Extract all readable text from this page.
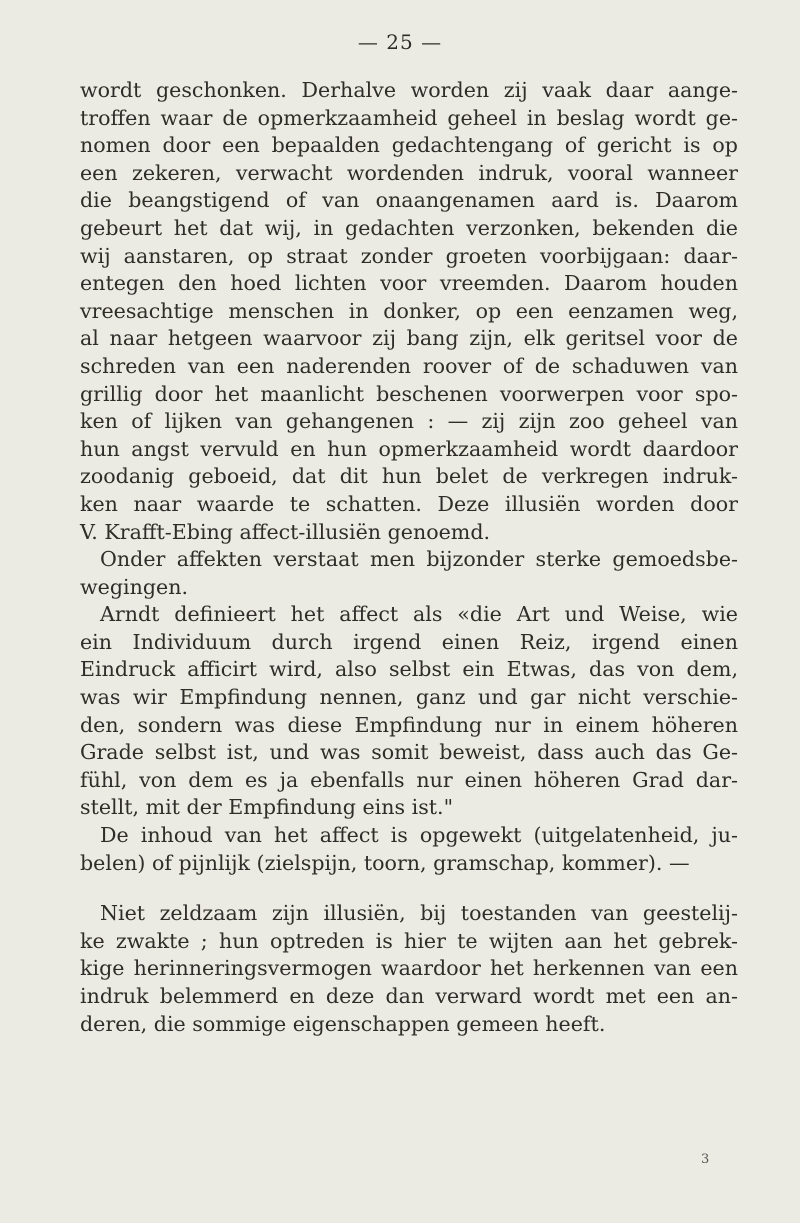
— 25 —
wordt geschonken. Derhalve worden zij vaak daar aange-
troffen waar de opmerkzaamheid geheel in beslag wordt ge-
nomen door een bepaalden gedachtengang of gericht is op
een zekeren, verwacht wordenden indruk, vooral wanneer
die beangstigend of van onaangenamen aard is. Daarom
gebeurt het dat wij, in gedachten verzonken, bekenden die
wij aanstaren, op straat zonder groeten voorbijgaan: daar-
entegen den hoed lichten voor vreemden. Daarom houden
vreesachtige menschen in donker, op een eenzamen weg,
al naar hetgeen waarvoor zij bang zijn, elk geritsel voor de
schreden van een naderenden roover of de schaduwen van
grillig door het maanlicht beschenen voorwerpen voor spo-
ken of lijken van gehangenen : — zij zijn zoo geheel van
hun angst vervuld en hun opmerkzaamheid wordt daardoor
zoodanig geboeid, dat dit hun belet de verkregen indruk-
ken naar waarde te schatten. Deze illusiën worden door
V. Krafft-Ebing affect-illusiën genoemd.
Onder affekten verstaat men bijzonder sterke gemoedsbe-
wegingen.
Arndt definieert het affect als «die Art und Weise, wie
ein Individuum durch irgend einen Reiz, irgend einen
Eindruck afficirt wird, also selbst ein Etwas, das von dem,
was wir Empfindung nennen, ganz und gar nicht verschie-
den, sondern was diese Empfindung nur in einem höheren
Grade selbst ist, und was somit beweist, dass auch das Ge-
fühl, von dem es ja ebenfalls nur einen höheren Grad dar-
stellt, mit der Empfindung eins ist."
De inhoud van het affect is opgewekt (uitgelatenheid, ju-
belen) of pijnlijk (zielspijn, toorn, gramschap, kommer). —
Niet zeldzaam zijn illusiën, bij toestanden van geestelij-
ke zwakte ; hun optreden is hier te wijten aan het gebrek-
kige herinneringsvermogen waardoor het herkennen van een
indruk belemmerd en deze dan verward wordt met een an-
deren, die sommige eigenschappen gemeen heeft.
3
